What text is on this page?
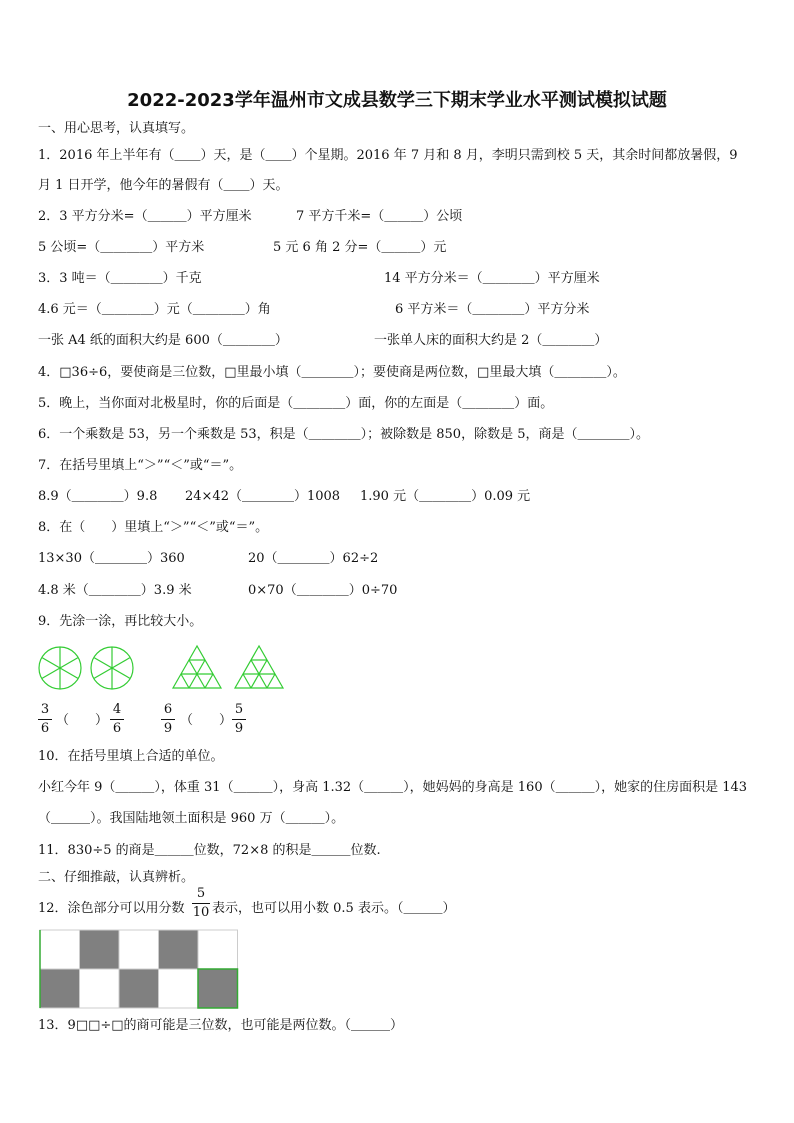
2022-2023学年温州市文成县数学三下期末学业水平测试模拟试题
一、用心思考，认真填写。
1．2016 年上半年有（＿＿）天，是（＿＿）个星期。2016 年 7 月和 8 月，李明只需到校 5 天，其余时间都放暑假，9
月 1 日开学，他今年的暑假有（＿＿）天。
2．3 平方分米=（＿＿＿）平方厘米	7 平方千米=（＿＿＿）公顷
5 公顷=（＿＿＿＿）平方米	5 元 6 角 2 分=（＿＿＿）元
3．3 吨＝（＿＿＿＿）千克	14 平方分米＝（＿＿＿＿）平方厘米
4.6 元＝（＿＿＿＿）元（＿＿＿＿）角	6 平方米＝（＿＿＿＿）平方分米
一张 A4 纸的面积大约是 600（＿＿＿＿）	一张单人床的面积大约是 2（＿＿＿＿）
4．□36÷6，要使商是三位数，□里最小填（＿＿＿＿）；要使商是两位数，□里最大填（＿＿＿＿）。
5．晚上，当你面对北极星时，你的后面是（＿＿＿＿）面，你的左面是（＿＿＿＿）面。
6．一个乘数是 53，另一个乘数是 53，积是（＿＿＿＿）；被除数是 850，除数是 5，商是（＿＿＿＿）。
7．在括号里填上“＞”“＜”或“＝”。
8.9（＿＿＿＿）9.8 24×42（＿＿＿＿）1008 1.90 元（＿＿＿＿）0.09 元
8．在（　　）里填上“＞”“＜”或“＝”。
13×30（＿＿＿＿）360	20（＿＿＿＿）62÷2
4.8 米（＿＿＿＿）3.9 米	0×70（＿＿＿＿）0÷70
9．先涂一涂，再比较大小。
3
6
（　　）
4
6
6
9
（　　）
5
9
10．在括号里填上合适的单位。
小红今年 9（＿＿＿），体重 31（＿＿＿），身高 1.32（＿＿＿），她妈妈的身高是 160（＿＿＿），她家的住房面积是 143
（＿＿＿）。我国陆地领土面积是 960 万（＿＿＿）。
11．830÷5 的商是＿＿＿位数，72×8 的积是＿＿＿位数.
二、仔细推敲，认真辨析。
12．涂色部分可以用分数
5
10 表示，也可以用小数 0.5 表示。（＿＿＿）
13．9□□÷□的商可能是三位数，也可能是两位数。（＿＿＿）
